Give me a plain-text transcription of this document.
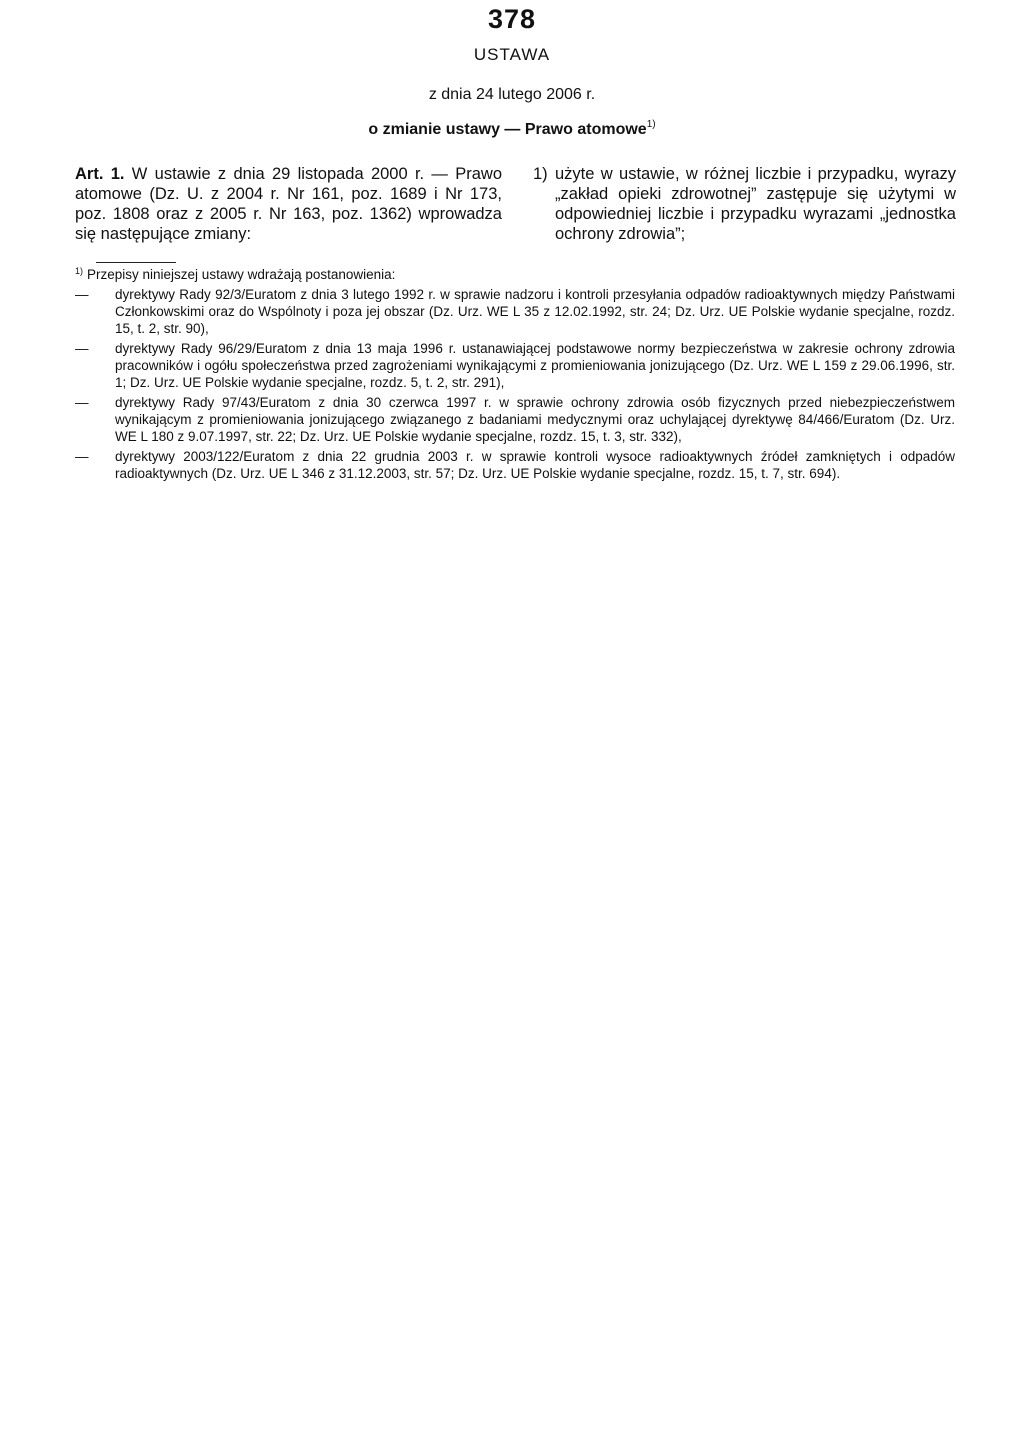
378
USTAWA
z dnia 24 lutego 2006 r.
o zmianie ustawy — Prawo atomowe$^{1)}$
Art. 1. W ustawie z dnia 29 listopada 2000 r. — Prawo atomowe (Dz. U. z 2004 r. Nr 161, poz. 1689 i Nr 173, poz. 1808 oraz z 2005 r. Nr 163, poz. 1362) wprowadza się następujące zmiany:
1) użyte w ustawie, w różnej liczbie i przypadku, wyrazy „zakład opieki zdrowotnej” zastępuje się użytymi w odpowiedniej liczbie i przypadku wyrazami „jednostka ochrony zdrowia”;
$^{1)}$ Przepisy niniejszej ustawy wdrażają postanowienia:
—	dyrektywy Rady 92/3/Euratom z dnia 3 lutego 1992 r. w sprawie nadzoru i kontroli przesyłania odpadów radioaktywnych między Państwami Członkowskimi oraz do Wspólnoty i poza jej obszar (Dz. Urz. WE L 35 z 12.02.1992, str. 24; Dz. Urz. UE Polskie wydanie specjalne, rozdz. 15, t. 2, str. 90),
—	dyrektywy Rady 96/29/Euratom z dnia 13 maja 1996 r. ustanawiającej podstawowe normy bezpieczeństwa w zakresie ochrony zdrowia pracowników i ogółu społeczeństwa przed zagrożeniami wynikającymi z promieniowania jonizującego (Dz. Urz. WE L 159 z 29.06.1996, str. 1; Dz. Urz. UE Polskie wydanie specjalne, rozdz. 5, t. 2, str. 291),
—	dyrektywy Rady 97/43/Euratom z dnia 30 czerwca 1997 r. w sprawie ochrony zdrowia osób fizycznych przed niebezpieczeństwem wynikającym z promieniowania jonizującego związanego z badaniami medycznymi oraz uchylającej dyrektywę 84/466/Euratom (Dz. Urz. WE L 180 z 9.07.1997, str. 22; Dz. Urz. UE Polskie wydanie specjalne, rozdz. 15, t. 3, str. 332),
—	dyrektywy 2003/122/Euratom z dnia 22 grudnia 2003 r. w sprawie kontroli wysoce radioaktywnych źródeł zamkniętych i odpadów radioaktywnych (Dz. Urz. UE L 346 z 31.12.2003, str. 57; Dz. Urz. UE Polskie wydanie specjalne, rozdz. 15, t. 7, str. 694).
